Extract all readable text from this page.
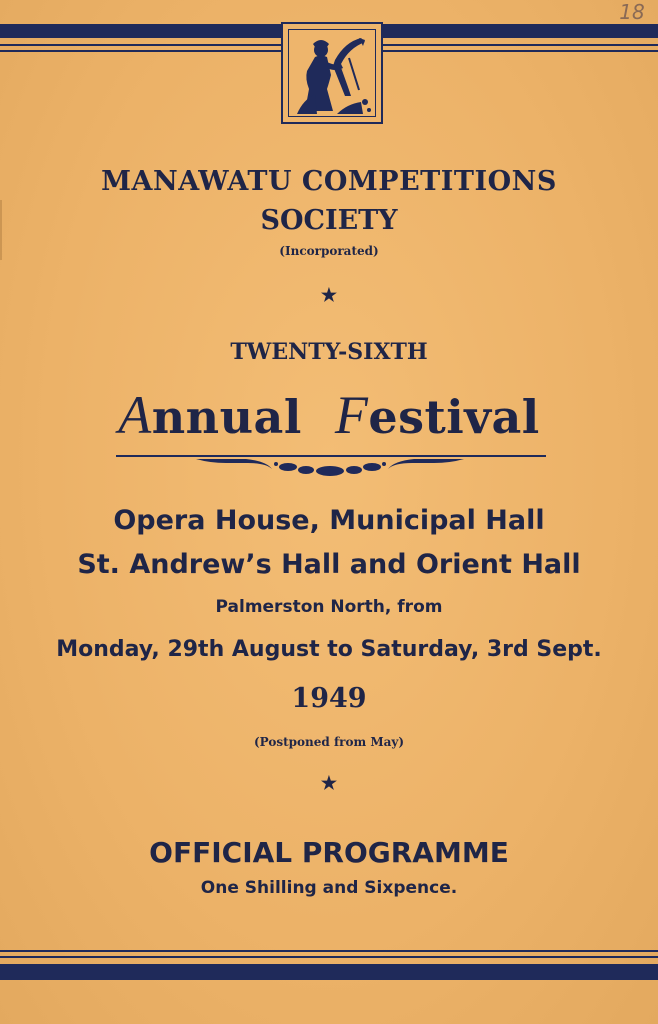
18
MANAWATU COMPETITIONS
SOCIETY
(Incorporated)
★
TWENTY-SIXTH
Annual Festival
Opera House, Municipal Hall
St. Andrew’s Hall and Orient Hall
Palmerston North, from
Monday, 29th August to Saturday, 3rd Sept.
1949
(Postponed from May)
★
OFFICIAL PROGRAMME
One Shilling and Sixpence.
